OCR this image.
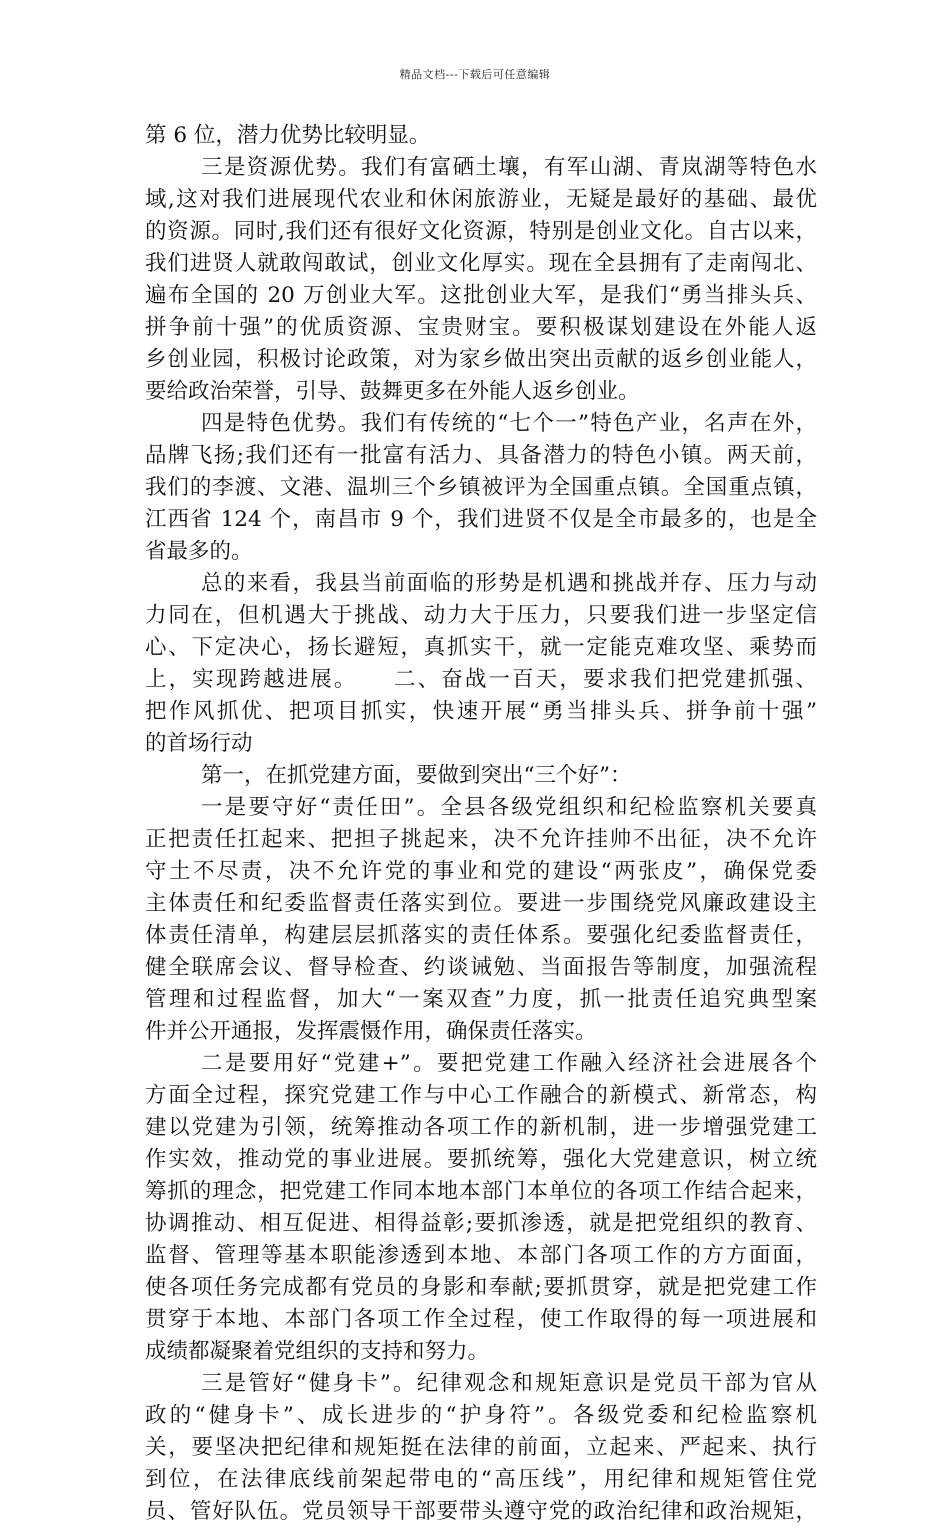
精品文档---下载后可任意编辑
第 6 位，潜力优势比较明显。
三是资源优势。我们有富硒土壤，有军山湖、青岚湖等特色水
域,这对我们进展现代农业和休闲旅游业，无疑是最好的基础、最优
的资源。同时,我们还有很好文化资源，特别是创业文化。自古以来，
我们进贤人就敢闯敢试，创业文化厚实。现在全县拥有了走南闯北、
遍布全国的 20 万创业大军。这批创业大军，是我们“勇当排头兵、
拼争前十强”的优质资源、宝贵财宝。要积极谋划建设在外能人返
乡创业园，积极讨论政策，对为家乡做出突出贡献的返乡创业能人，
要给政治荣誉，引导、鼓舞更多在外能人返乡创业。
四是特色优势。我们有传统的“七个一”特色产业，名声在外，
品牌飞扬;我们还有一批富有活力、具备潜力的特色小镇。两天前，
我们的李渡、文港、温圳三个乡镇被评为全国重点镇。全国重点镇，
江西省 124 个，南昌市 9 个，我们进贤不仅是全市最多的，也是全
省最多的。
总的来看，我县当前面临的形势是机遇和挑战并存、压力与动
力同在，但机遇大于挑战、动力大于压力，只要我们进一步坚定信
心、下定决心，扬长避短，真抓实干，就一定能克难攻坚、乘势而
上，实现跨越进展。　　二、奋战一百天，要求我们把党建抓强、
把作风抓优、把项目抓实，快速开展“勇当排头兵、拼争前十强”
的首场行动
第一，在抓党建方面，要做到突出“三个好”：
一是要守好“责任田”。全县各级党组织和纪检监察机关要真
正把责任扛起来、把担子挑起来，决不允许挂帅不出征，决不允许
守土不尽责，决不允许党的事业和党的建设“两张皮”，确保党委
主体责任和纪委监督责任落实到位。要进一步围绕党风廉政建设主
体责任清单，构建层层抓落实的责任体系。要强化纪委监督责任，
健全联席会议、督导检查、约谈诫勉、当面报告等制度，加强流程
管理和过程监督，加大“一案双查”力度，抓一批责任追究典型案
件并公开通报，发挥震慑作用，确保责任落实。
二是要用好“党建+”。要把党建工作融入经济社会进展各个
方面全过程，探究党建工作与中心工作融合的新模式、新常态，构
建以党建为引领，统筹推动各项工作的新机制，进一步增强党建工
作实效，推动党的事业进展。要抓统筹，强化大党建意识，树立统
筹抓的理念，把党建工作同本地本部门本单位的各项工作结合起来，
协调推动、相互促进、相得益彰;要抓渗透，就是把党组织的教育、
监督、管理等基本职能渗透到本地、本部门各项工作的方方面面，
使各项任务完成都有党员的身影和奉献;要抓贯穿，就是把党建工作
贯穿于本地、本部门各项工作全过程，使工作取得的每一项进展和
成绩都凝聚着党组织的支持和努力。
三是管好“健身卡”。纪律观念和规矩意识是党员干部为官从
政的“健身卡”、成长进步的“护身符”。各级党委和纪检监察机
关，要坚决把纪律和规矩挺在法律的前面，立起来、严起来、执行
到位，在法律底线前架起带电的“高压线”，用纪律和规矩管住党
员、管好队伍。党员领导干部要带头遵守党的政治纪律和政治规矩，
